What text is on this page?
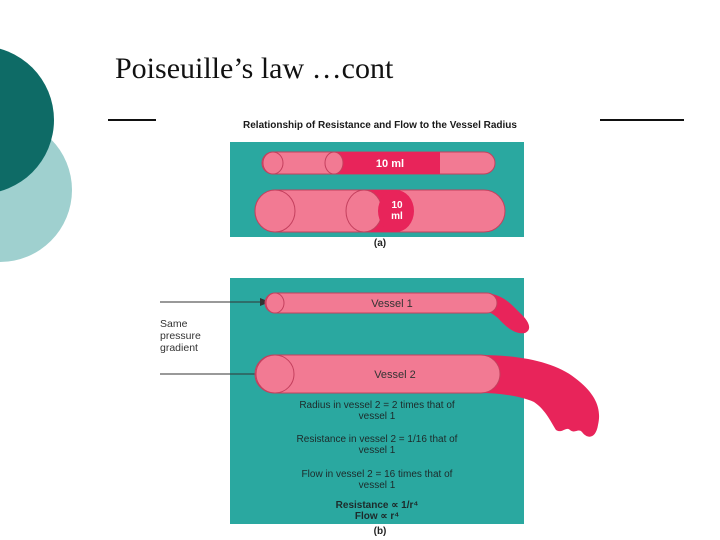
Poiseuille’s law …cont
Relationship of Resistance and Flow to the Vessel Radius
10 ml
10
ml
(a)
Vessel 1
Vessel 2
Same
pressure
gradient
Radius in vessel 2 = 2 times that of
vessel 1
Resistance in vessel 2 = 1/16 that of
vessel 1
Flow in vessel 2 = 16 times that of
vessel 1
Resistance ∝ 1/r⁴
Flow ∝ r⁴
(b)
